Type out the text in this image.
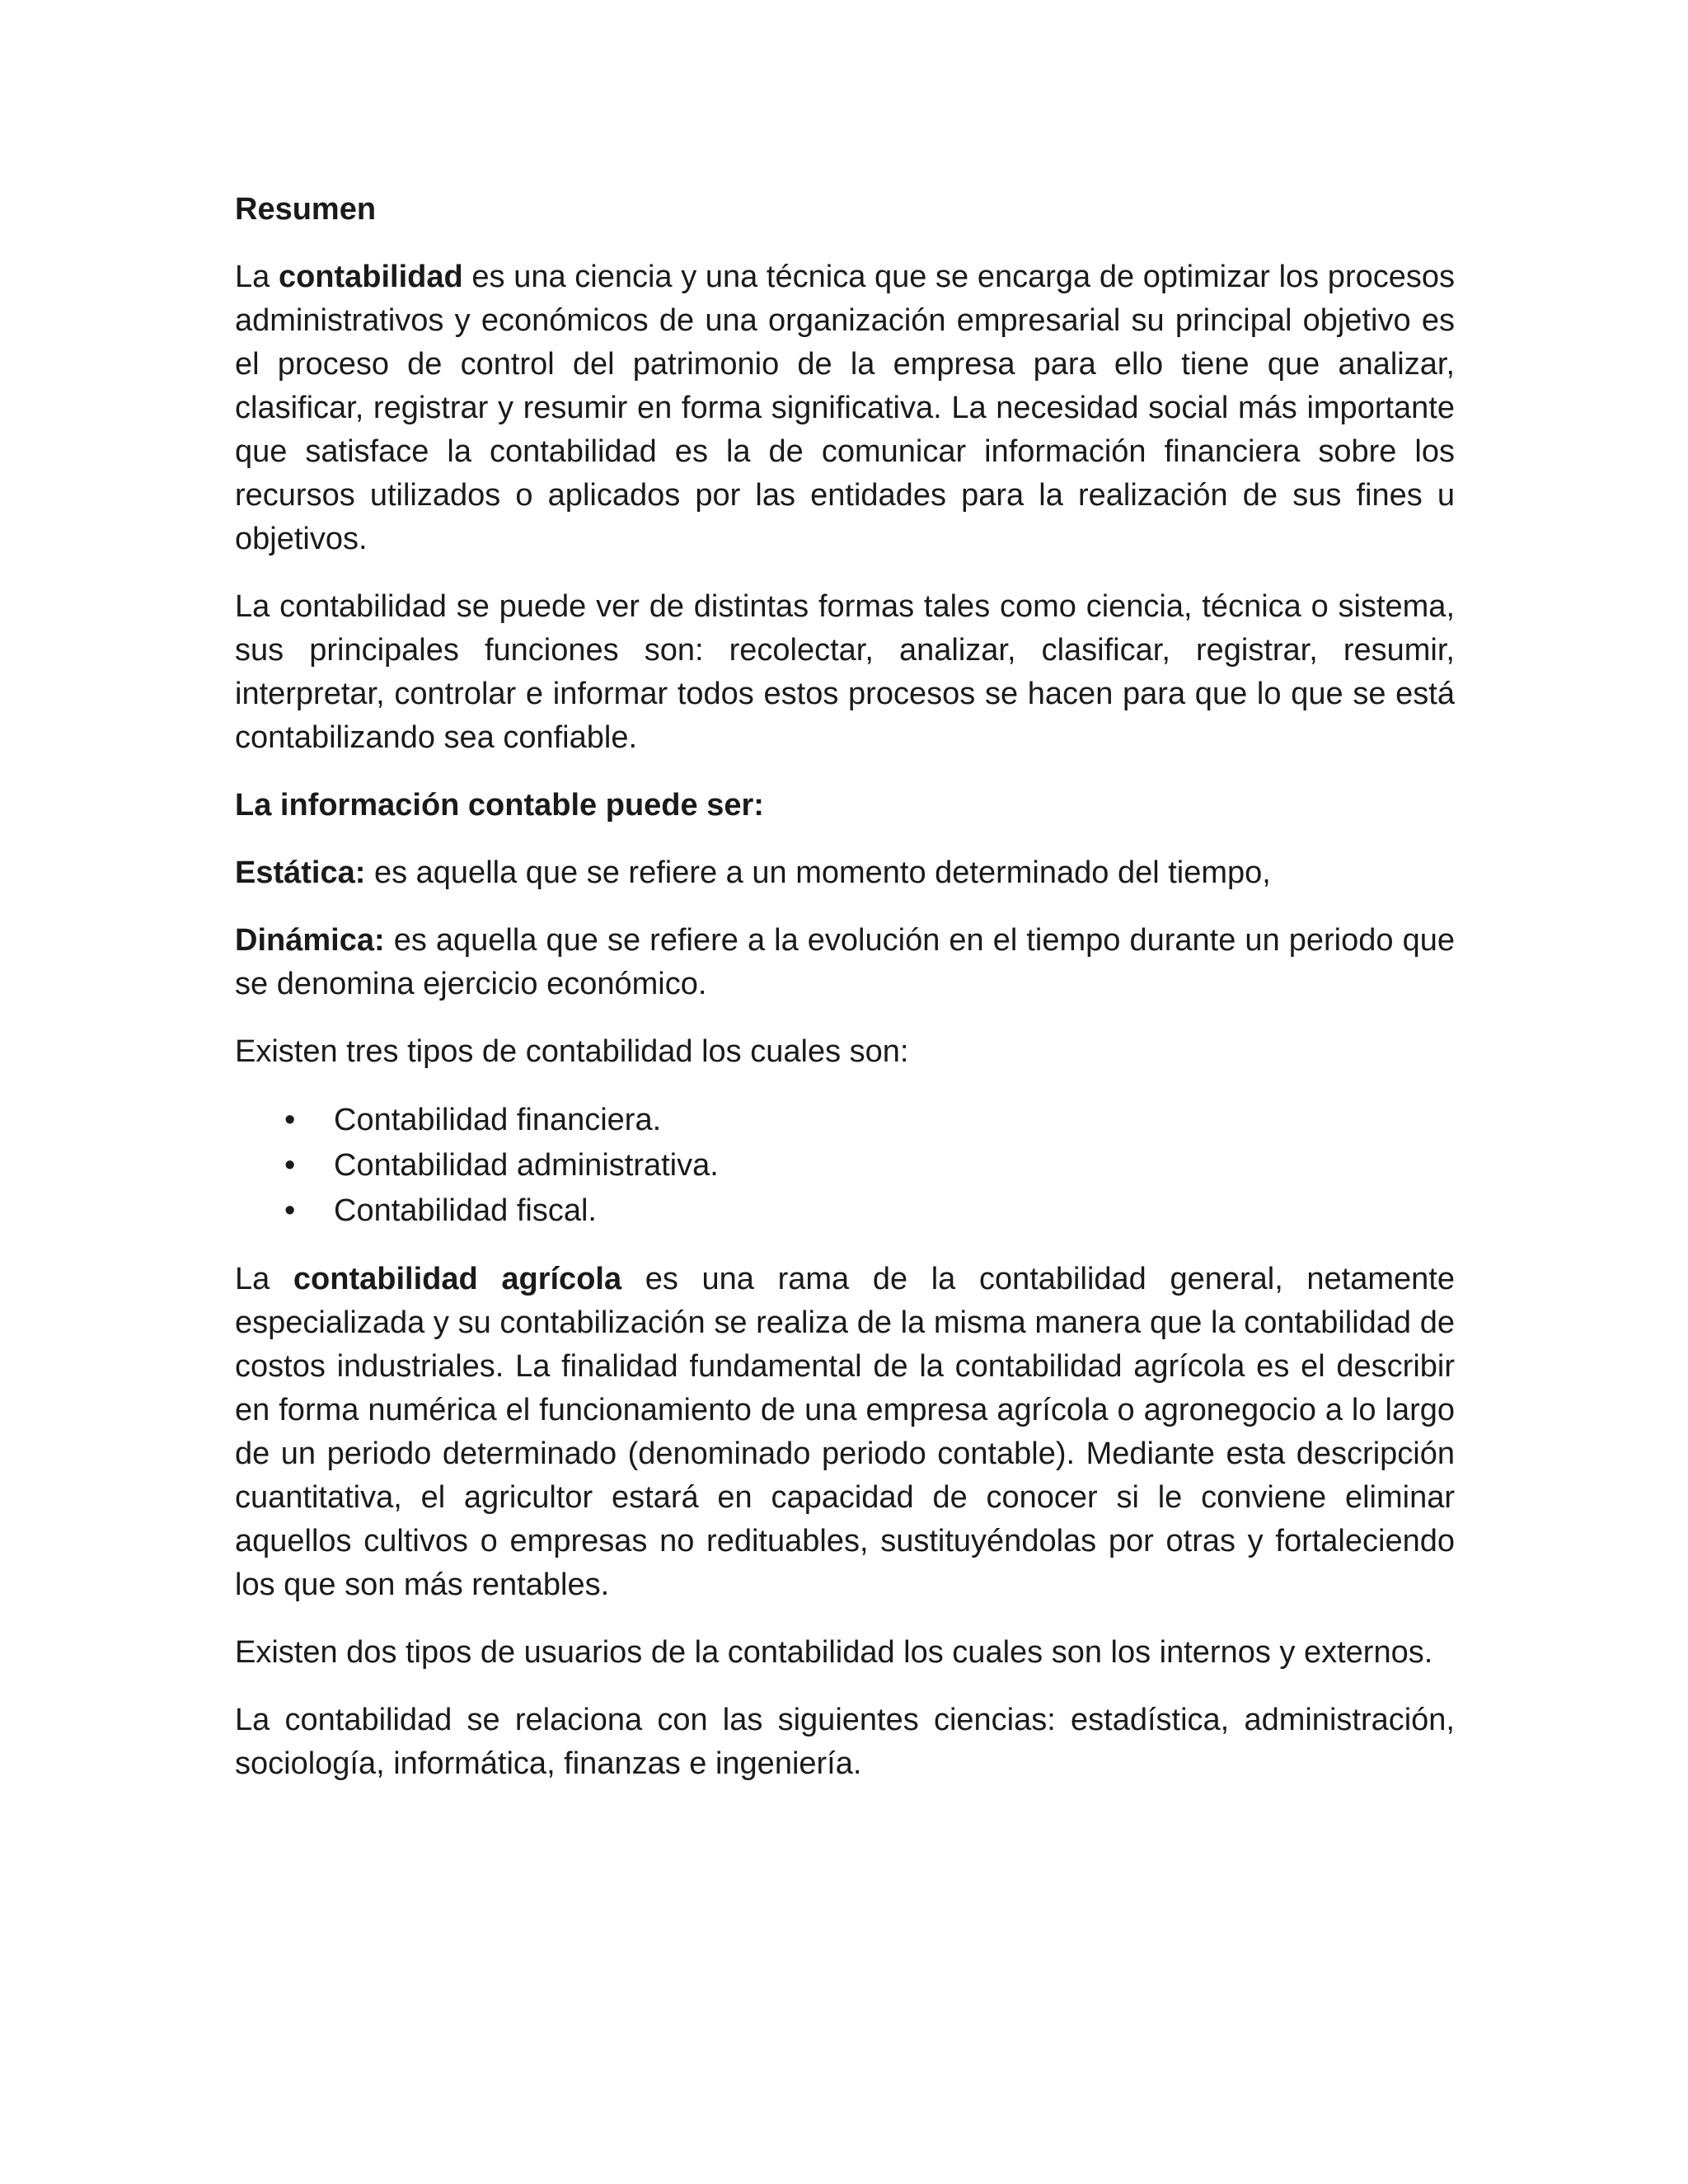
Resumen

La contabilidad es una ciencia y una técnica que se encarga de optimizar los procesos administrativos y económicos de una organización empresarial su principal objetivo es el proceso de control del patrimonio de la empresa para ello tiene que analizar, clasificar, registrar y resumir en forma significativa. La necesidad social más importante que satisface la contabilidad es la de comunicar información financiera sobre los recursos utilizados o aplicados por las entidades para la realización de sus fines u objetivos.

La contabilidad se puede ver de distintas formas tales como ciencia, técnica o sistema, sus principales funciones son: recolectar, analizar, clasificar, registrar, resumir, interpretar, controlar e informar todos estos procesos se hacen para que lo que se está contabilizando sea confiable.

La información contable puede ser:

Estática: es aquella que se refiere a un momento determinado del tiempo,

Dinámica: es aquella que se refiere a la evolución en el tiempo durante un periodo que se denomina ejercicio económico.

Existen tres tipos de contabilidad los cuales son:

• Contabilidad financiera.
• Contabilidad administrativa.
• Contabilidad fiscal.

La contabilidad agrícola es una rama de la contabilidad general, netamente especializada y su contabilización se realiza de la misma manera que la contabilidad de costos industriales. La finalidad fundamental de la contabilidad agrícola es el describir en forma numérica el funcionamiento de una empresa agrícola o agronegocio a lo largo de un periodo determinado (denominado periodo contable). Mediante esta descripción cuantitativa, el agricultor estará en capacidad de conocer si le conviene eliminar aquellos cultivos o empresas no redituables, sustituyéndolas por otras y fortaleciendo los que son más rentables.

Existen dos tipos de usuarios de la contabilidad los cuales son los internos y externos.

La contabilidad se relaciona con las siguientes ciencias: estadística, administración, sociología, informática, finanzas e ingeniería.
